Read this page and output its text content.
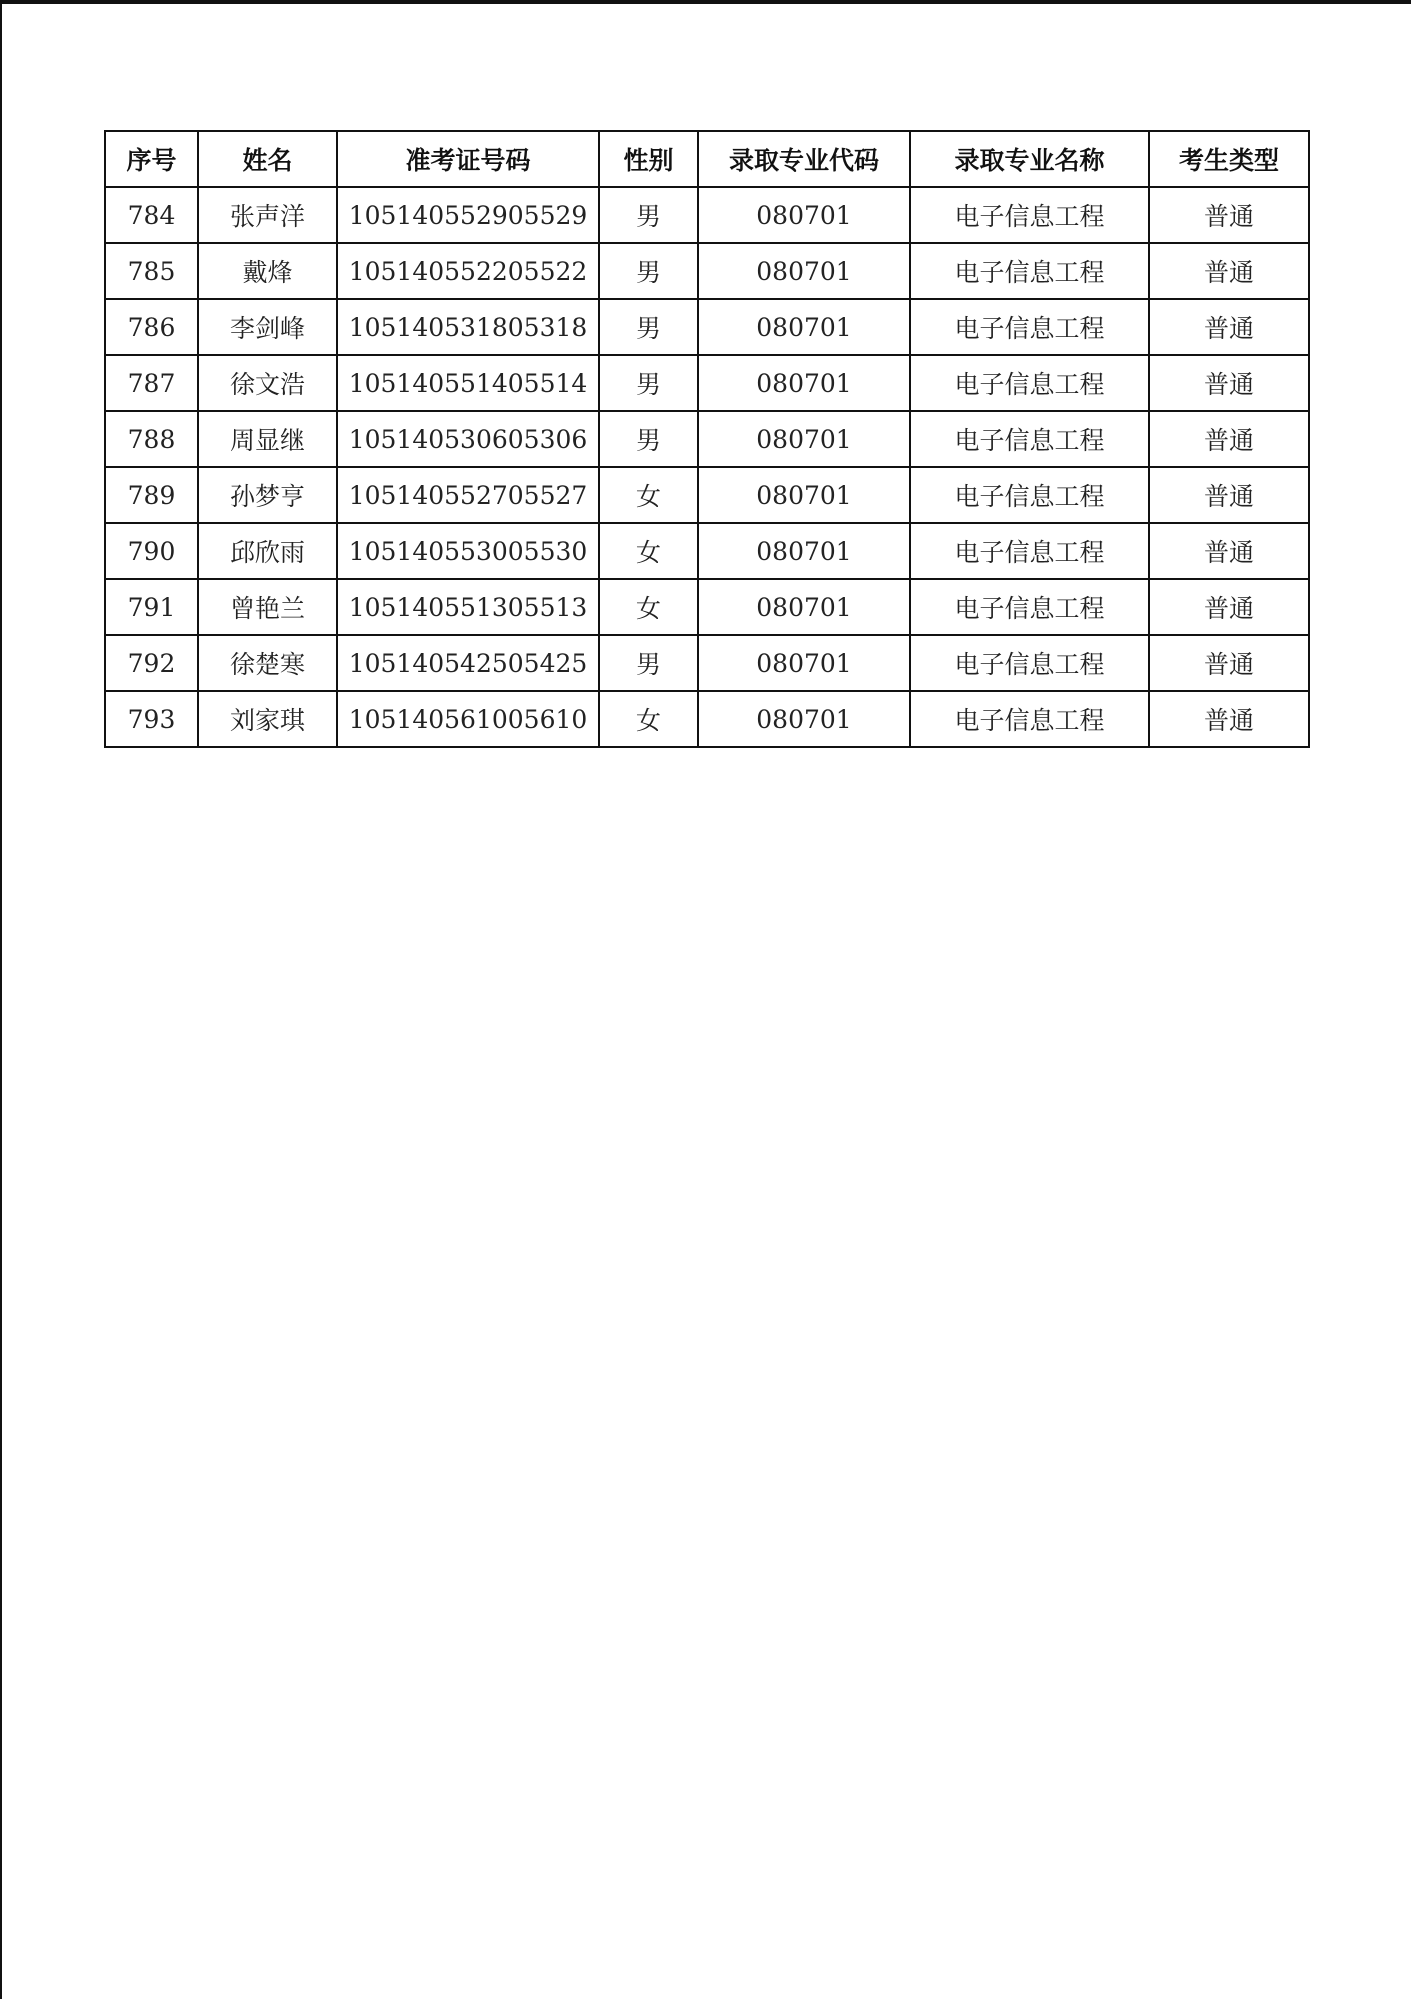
序号	姓名	准考证号码	性别	录取专业代码	录取专业名称	考生类型
784	张声洋	105140552905529	男	080701	电子信息工程	普通
785	戴烽	105140552205522	男	080701	电子信息工程	普通
786	李剑峰	105140531805318	男	080701	电子信息工程	普通
787	徐文浩	105140551405514	男	080701	电子信息工程	普通
788	周显继	105140530605306	男	080701	电子信息工程	普通
789	孙梦亨	105140552705527	女	080701	电子信息工程	普通
790	邱欣雨	105140553005530	女	080701	电子信息工程	普通
791	曾艳兰	105140551305513	女	080701	电子信息工程	普通
792	徐楚寒	105140542505425	男	080701	电子信息工程	普通
793	刘家琪	105140561005610	女	080701	电子信息工程	普通
